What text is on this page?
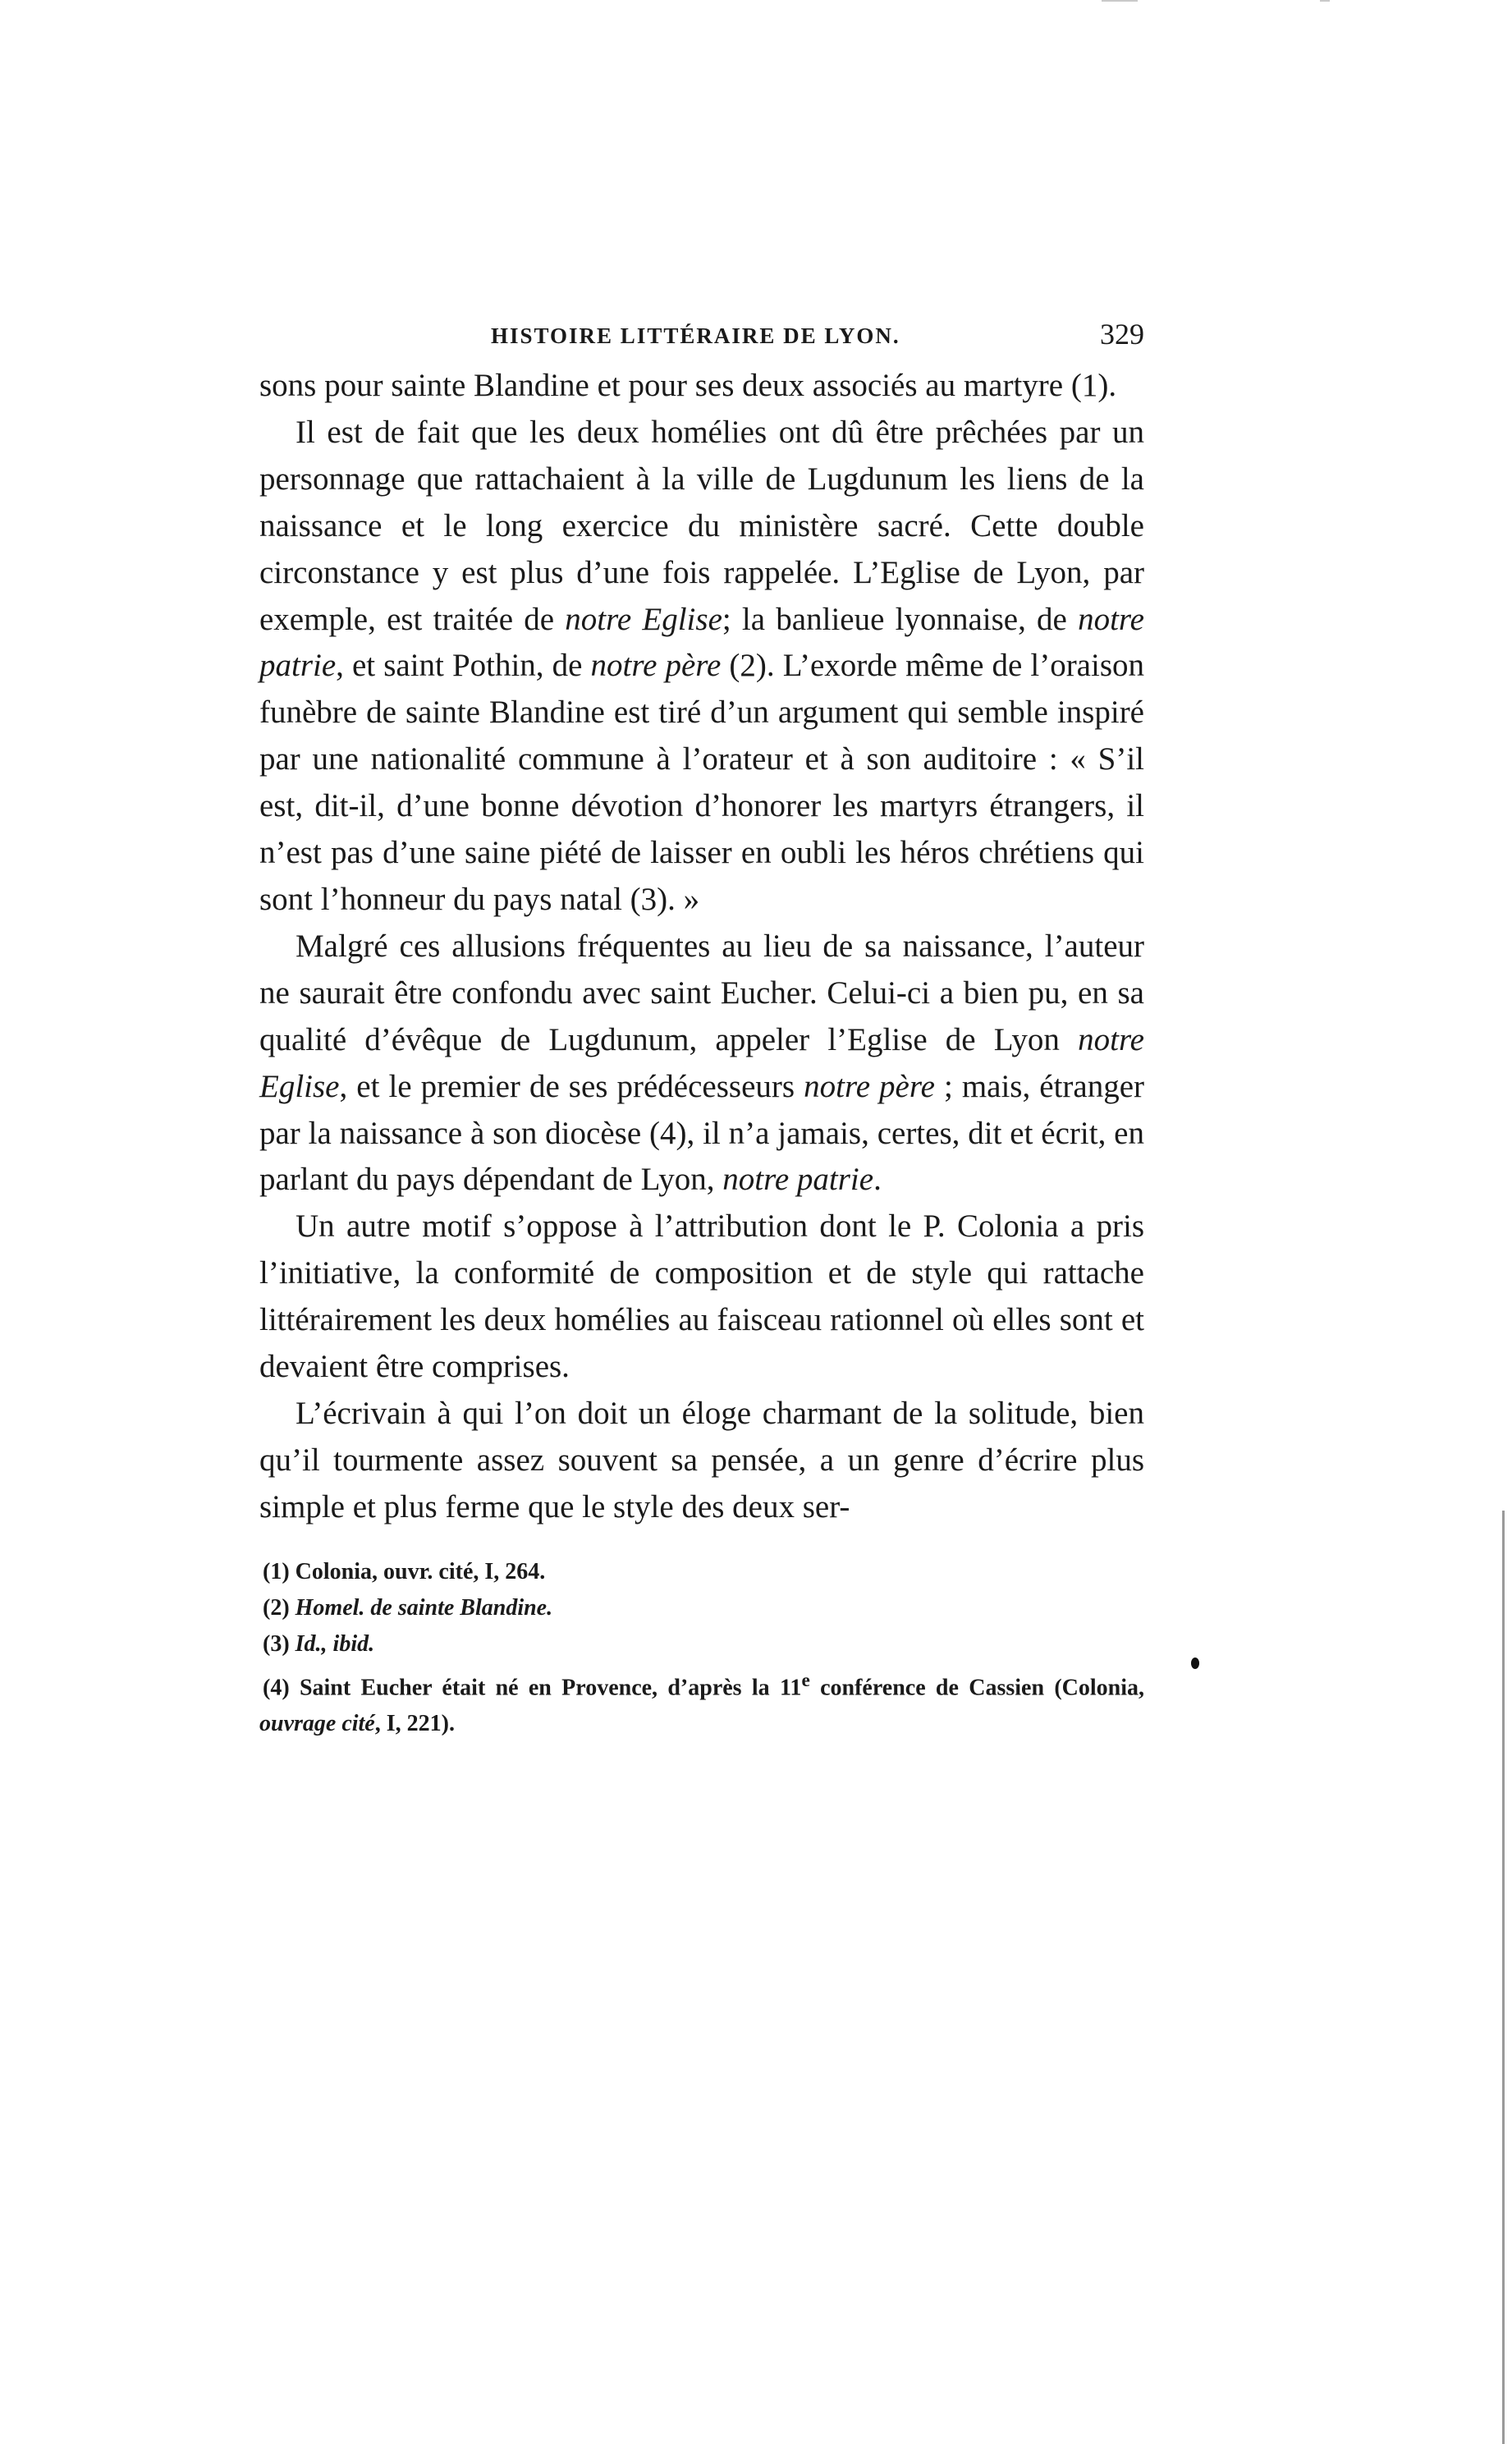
HISTOIRE LITTÉRAIRE DE LYON.	329

sons pour sainte Blandine et pour ses deux associés au martyre (1).

Il est de fait que les deux homélies ont dû être prêchées par un personnage que rattachaient à la ville de Lugdunum les liens de la naissance et le long exercice du ministère sacré. Cette double circonstance y est plus d’une fois rappelée. L’Eglise de Lyon, par exemple, est traitée de notre Eglise; la banlieue lyonnaise, de notre patrie, et saint Pothin, de notre père (2). L’exorde même de l’oraison funèbre de sainte Blandine est tiré d’un argument qui semble inspiré par une nationalité commune à l’orateur et à son auditoire : « S’il est, dit-il, d’une bonne dévotion d’honorer les martyrs étrangers, il n’est pas d’une saine piété de laisser en oubli les héros chrétiens qui sont l’honneur du pays natal (3). »

Malgré ces allusions fréquentes au lieu de sa naissance, l’auteur ne saurait être confondu avec saint Eucher. Celui-ci a bien pu, en sa qualité d’évêque de Lugdunum, appeler l’Eglise de Lyon notre Eglise, et le premier de ses prédécesseurs notre père ; mais, étranger par la naissance à son diocèse (4), il n’a jamais, certes, dit et écrit, en parlant du pays dépendant de Lyon, notre patrie.

Un autre motif s’oppose à l’attribution dont le P. Colonia a pris l’initiative, la conformité de composition et de style qui rattache littérairement les deux homélies au faisceau rationnel où elles sont et devaient être comprises.

L’écrivain à qui l’on doit un éloge charmant de la solitude, bien qu’il tourmente assez souvent sa pensée, a un genre d’écrire plus simple et plus ferme que le style des deux ser-

(1) Colonia, ouvr. cité, I, 264.

(2) Homel. de sainte Blandine.

(3) Id., ibid.

(4) Saint Eucher était né en Provence, d’après la 11e conférence de Cassien (Colonia, ouvrage cité, I, 221).
